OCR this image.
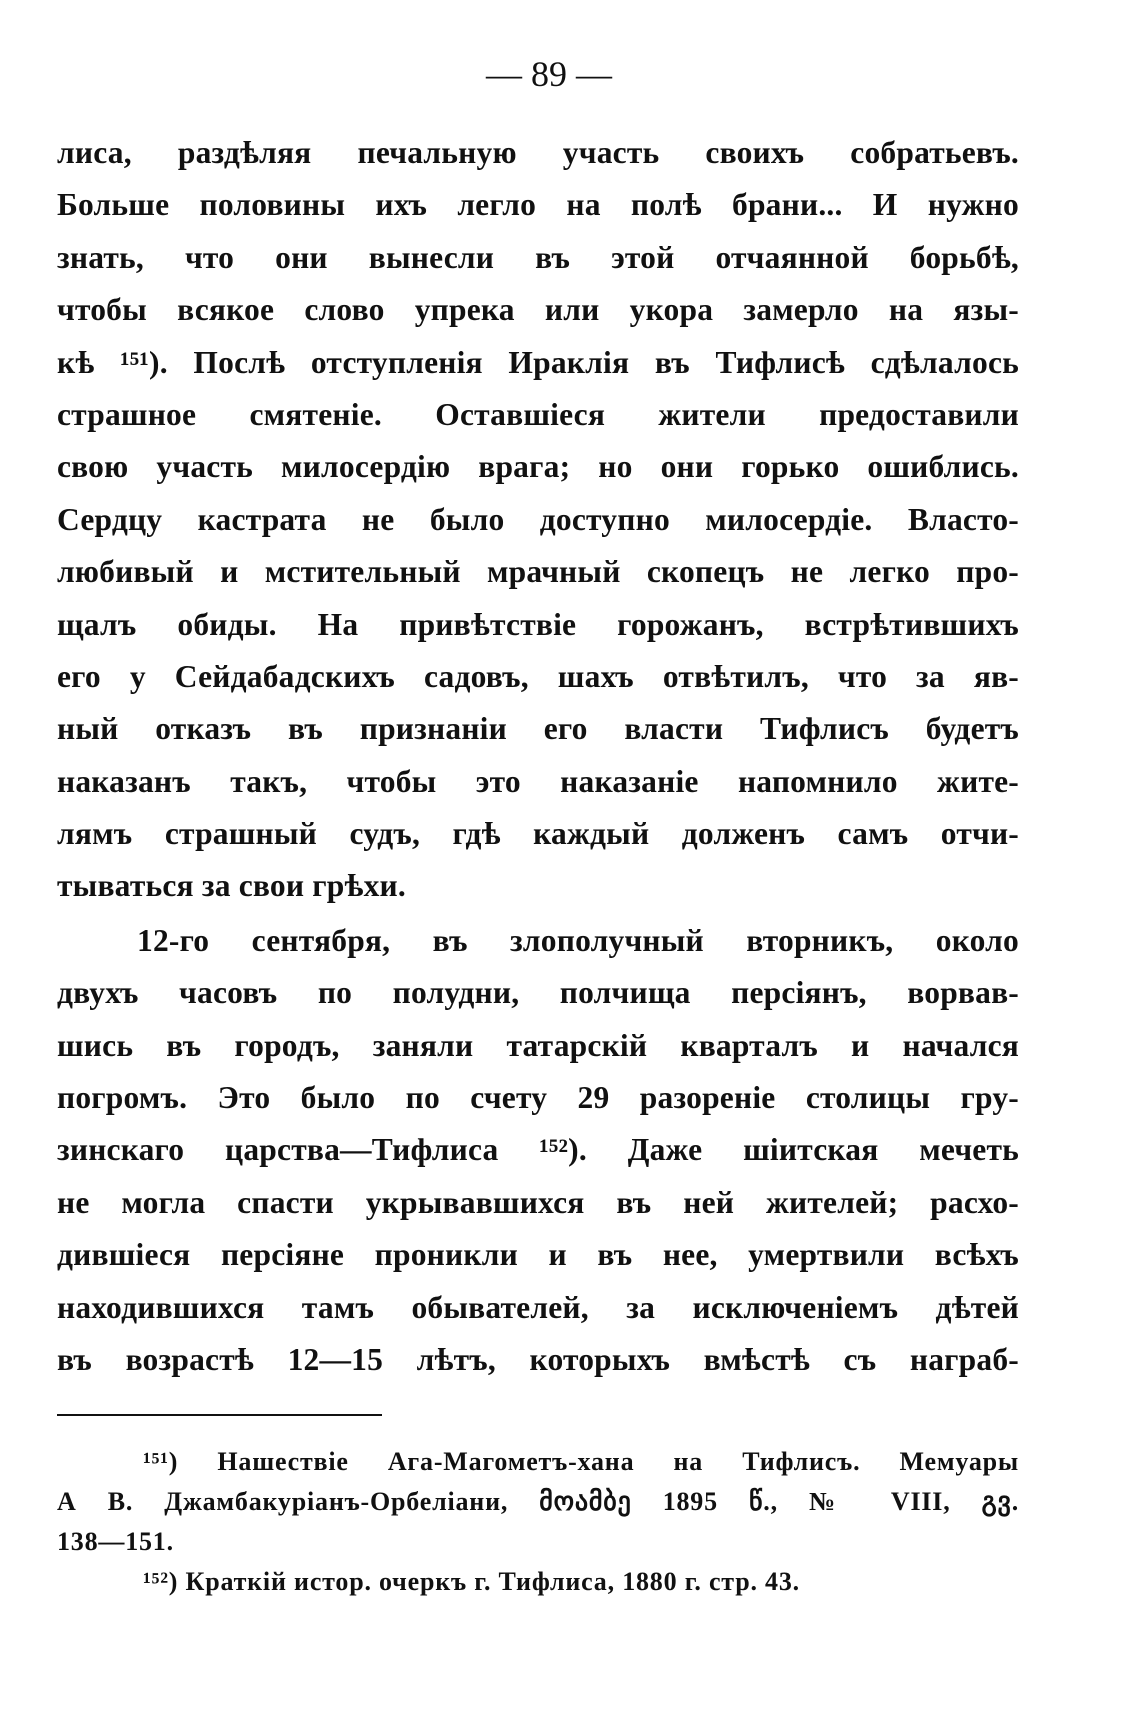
— 89 —
лиса, раздѣляя печальную участь своихъ собратьевъ.
Больше половины ихъ легло на полѣ брани... И нужно
знать, что они вынесли въ этой отчаянной борьбѣ,
чтобы всякое слово упрека или укора замерло на язы-
кѣ ¹⁵¹). Послѣ отступленія Ираклія въ Тифлисѣ сдѣлалось
страшное смятеніе. Оставшіеся жители предоставили
свою участь милосердію врага; но они горько ошиблись.
Сердцу кастрата не было доступно милосердіе. Власто-
любивый и мстительный мрачный скопецъ не легко про-
щалъ обиды. На привѣтствіе горожанъ, встрѣтившихъ
его у Сейдабадскихъ садовъ, шахъ отвѣтилъ, что за яв-
ный отказъ въ признаніи его власти Тифлисъ будетъ
наказанъ такъ, чтобы это наказаніе напомнило жите-
лямъ страшный судъ, гдѣ каждый долженъ самъ отчи-
тываться за свои грѣхи.
12-го сентября, въ злополучный вторникъ, около
двухъ часовъ по полудни, полчища персіянъ, ворвав-
шись въ городъ, заняли татарскій кварталъ и начался
погромъ. Это было по счету 29 разореніе столицы гру-
зинскаго царства—Тифлиса ¹⁵²). Даже шіитская мечеть
не могла спасти укрывавшихся въ ней жителей; расхо-
дившіеся персіяне проникли и въ нее, умертвили всѣхъ
находившихся тамъ обывателей, за исключеніемъ дѣтей
въ возрастѣ 12—15 лѣтъ, которыхъ вмѣстѣ съ награб-
¹⁵¹) Нашествіе Ага-Магометъ-хана на Тифлисъ. Мемуары
А В. Джамбакуріанъ-Орбеліани, მოამბე 1895 წ., № VIII, გვ.
138—151.
¹⁵²) Краткій истор. очеркъ г. Тифлиса, 1880 г. стр. 43.
